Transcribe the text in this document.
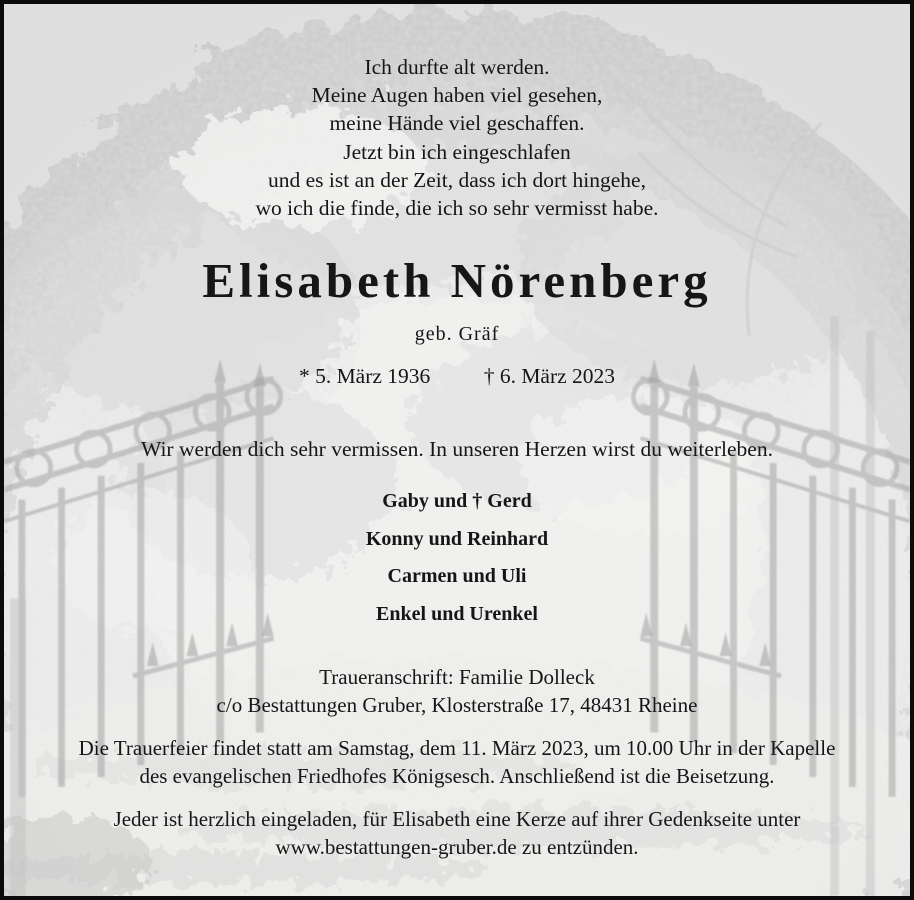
Ich durfte alt werden.
Meine Augen haben viel gesehen,
meine Hände viel geschaffen.
Jetzt bin ich eingeschlafen
und es ist an der Zeit, dass ich dort hingehe,
wo ich die finde, die ich so sehr vermisst habe.
Elisabeth Nörenberg
geb. Gräf
* 5. März 1936 † 6. März 2023
Wir werden dich sehr vermissen. In unseren Herzen wirst du weiterleben.
Gaby und † Gerd
Konny und Reinhard
Carmen und Uli
Enkel und Urenkel
Traueranschrift: Familie Dolleck
c/o Bestattungen Gruber, Klosterstraße 17, 48431 Rheine
Die Trauerfeier findet statt am Samstag, dem 11. März 2023, um 10.00 Uhr in der Kapelle
des evangelischen Friedhofes Königsesch. Anschließend ist die Beisetzung.
Jeder ist herzlich eingeladen, für Elisabeth eine Kerze auf ihrer Gedenkseite unter
www.bestattungen-gruber.de zu entzünden.
